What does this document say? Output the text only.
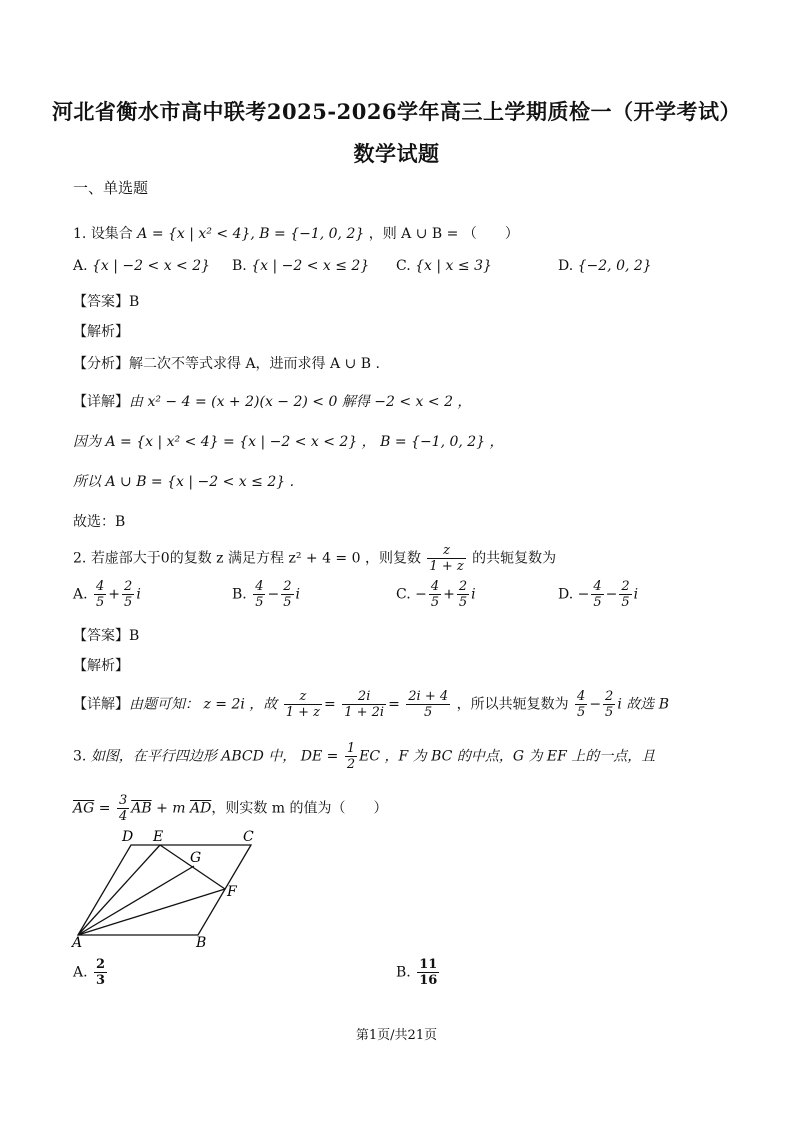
河北省衡水市高中联考2025-2026学年高三上学期质检一（开学考试）
数学试题
一、单选题
1. 设集合 A = {x | x² < 4}, B = {−1, 0, 2} ，则 A ∪ B = （　　）
A. {x | −2 < x < 2} B. {x | −2 < x ≤ 2} C. {x | x ≤ 3}	D. {−2, 0, 2}
【答案】B
【解析】
【分析】解二次不等式求得 A，进而求得 A ∪ B .
【详解】由 x² − 4 = (x + 2)(x − 2) < 0 解得 −2 < x < 2 ，
因为 A = {x | x² < 4} = {x | −2 < x < 2} ， B = {−1, 0, 2} ，
所以 A ∪ B = {x | −2 < x ≤ 2} .
故选：B
2. 若虚部大于0的复数 z 满足方程 z² + 4 = 0 ，则复数 $\frac{z}{1 + z}$ 的共轭复数为
A. $\frac{4}{5} + \frac{2}{5}$ i	B. $\frac{4}{5} - \frac{2}{5}$ i	C. − $\frac{4}{5} + \frac{2}{5}$ i	D. − $\frac{4}{5} - \frac{2}{5}$ i
【答案】B
【解析】
【详解】由题可知： z = 2i ，故 $\frac{z}{1 + z} = \frac{2i}{1 + 2i} = \frac{2i + 4}{5}$ ，所以共轭复数为 $\frac{4}{5} - \frac{2}{5}$ i 故选 B
3. 如图，在平行四边形 ABCD 中， DE = $\frac{1}{2}$ EC ，F 为 BC 的中点，G 为 EF 上的一点，且
$\overline{AG} = \frac{3}{4} \overline{AB} + m$ $\overline{AD}$，则实数 m 的值为（　　）
A	B
C
D E
F
G
A. $\frac{2}{3}$	B. $\frac{11}{16}$
第1页/共21页
